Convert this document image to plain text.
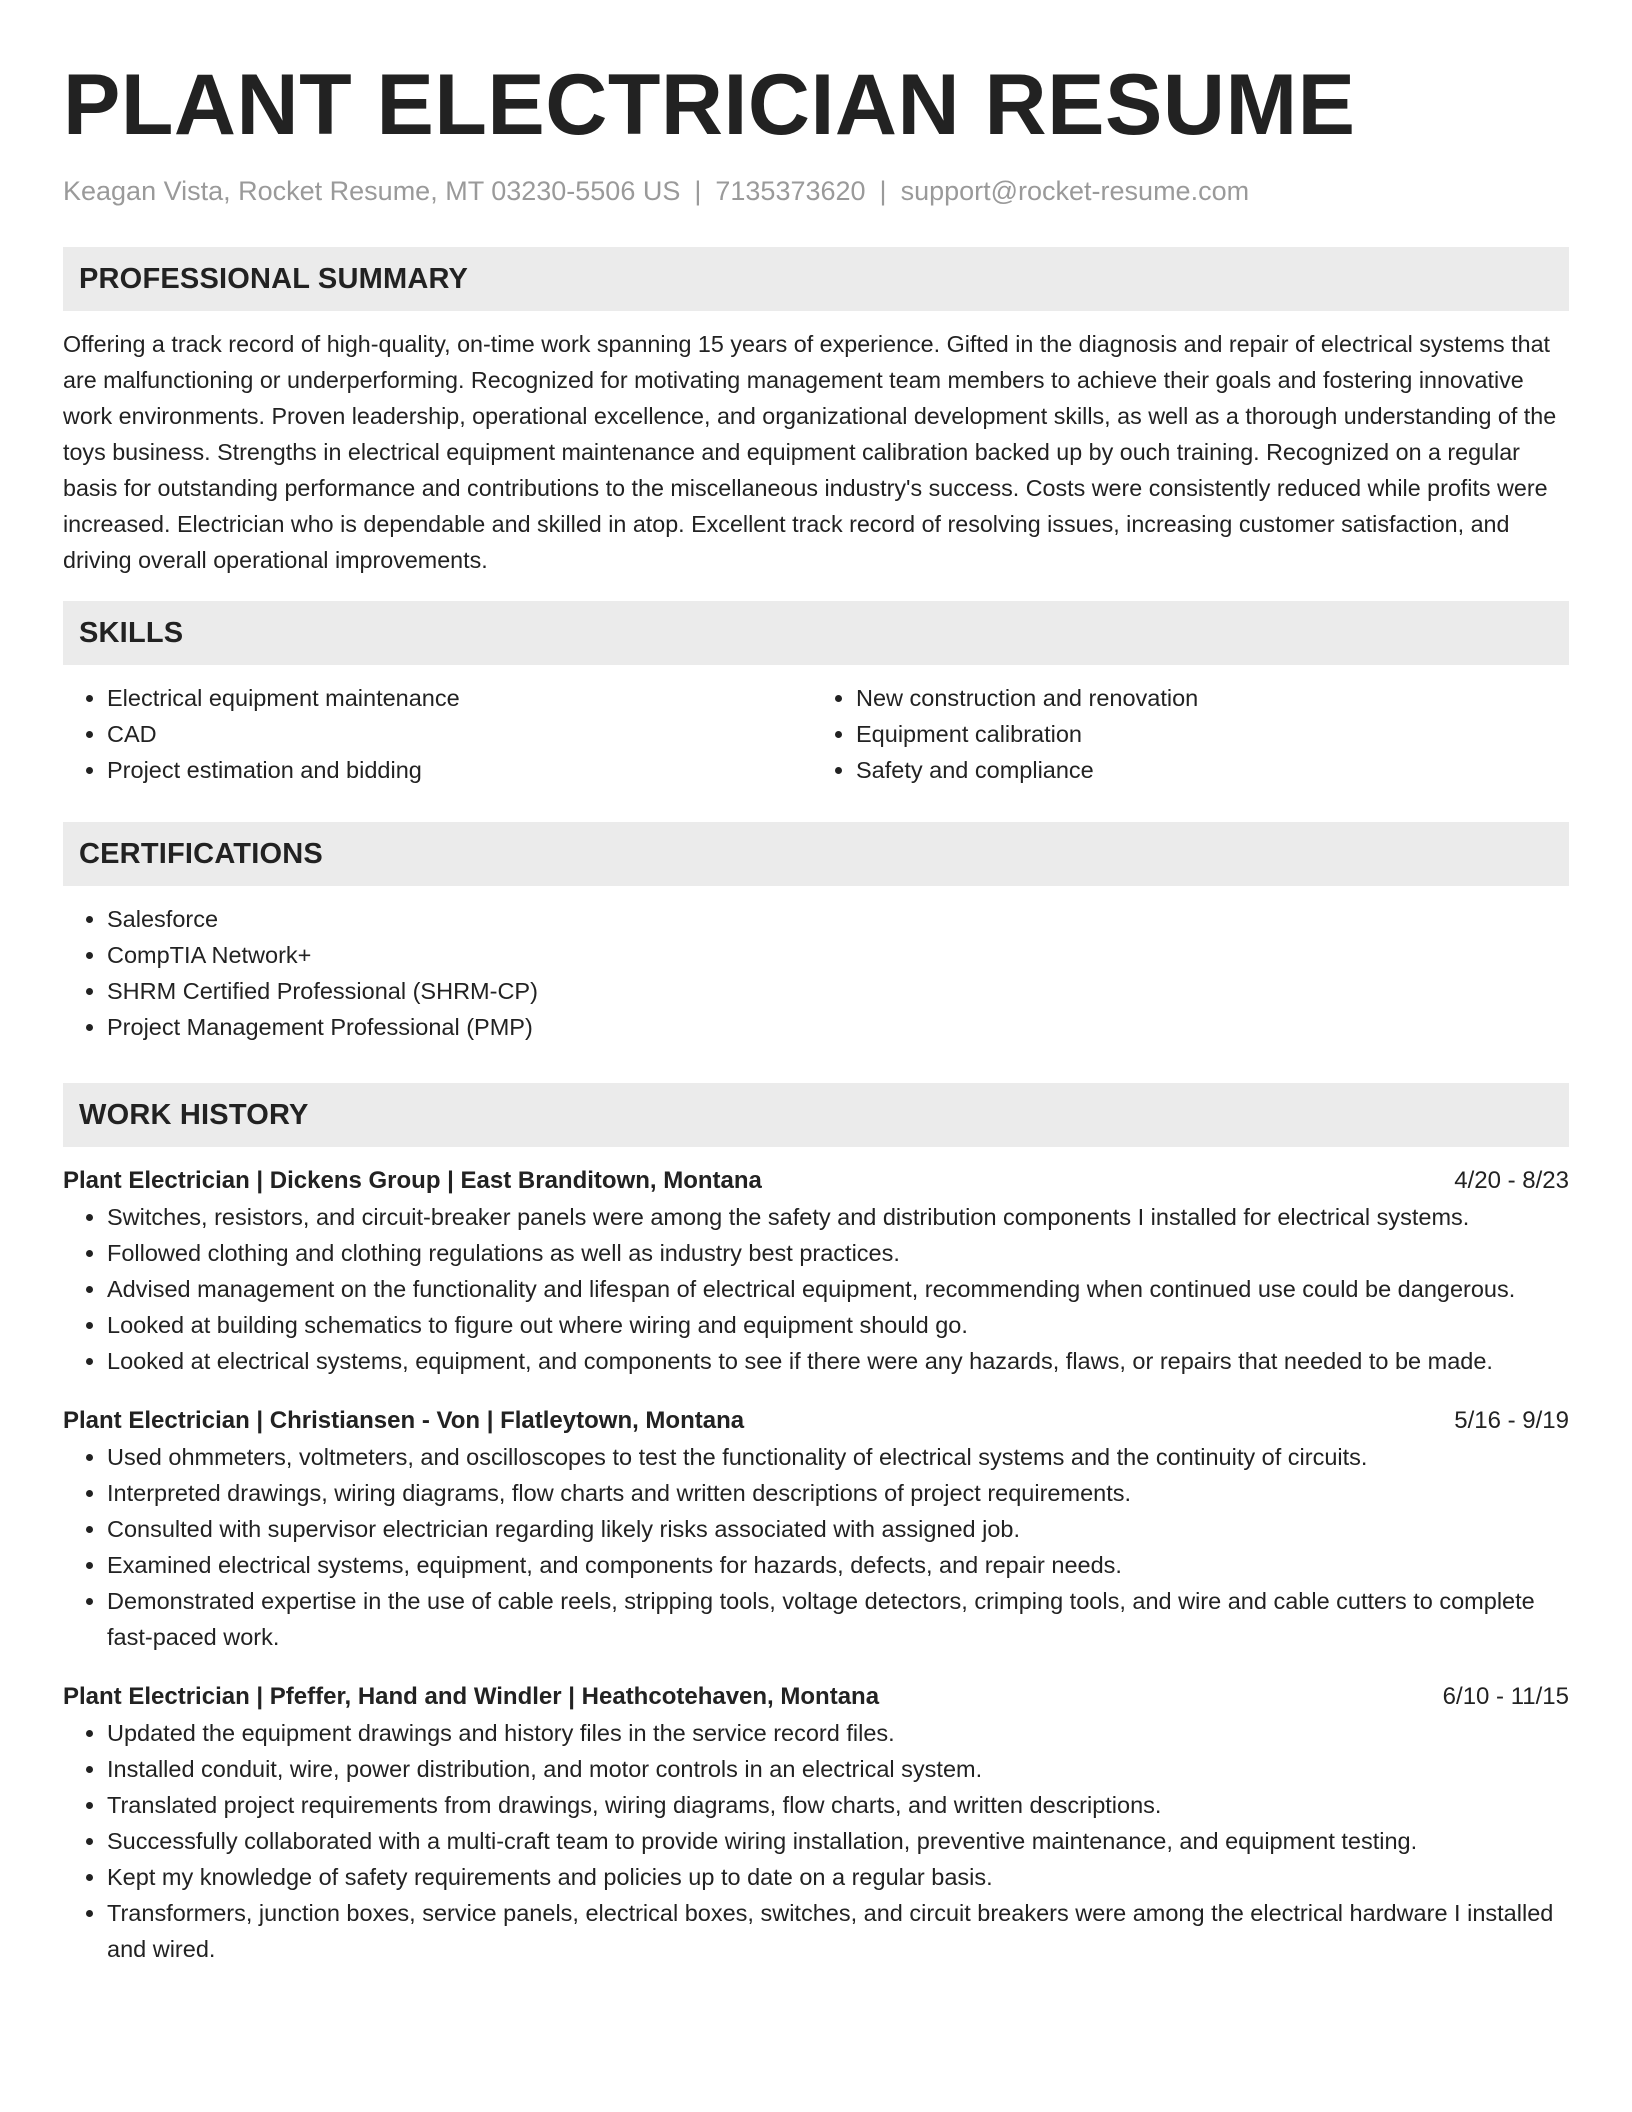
PLANT ELECTRICIAN RESUME
Keagan Vista, Rocket Resume, MT 03230-5506 US | 7135373620 | support@rocket-resume.com
PROFESSIONAL SUMMARY

Offering a track record of high-quality, on-time work spanning 15 years of experience. Gifted in the diagnosis and repair of electrical systems that are malfunctioning or underperforming. Recognized for motivating management team members to achieve their goals and fostering innovative work environments. Proven leadership, operational excellence, and organizational development skills, as well as a thorough understanding of the toys business. Strengths in electrical equipment maintenance and equipment calibration backed up by ouch training. Recognized on a regular basis for outstanding performance and contributions to the miscellaneous industry's success. Costs were consistently reduced while profits were increased. Electrician who is dependable and skilled in atop. Excellent track record of resolving issues, increasing customer satisfaction, and driving overall operational improvements.

SKILLS
• Electrical equipment maintenance
• CAD
• Project estimation and bidding
• New construction and renovation
• Equipment calibration
• Safety and compliance
CERTIFICATIONS
• Salesforce
• CompTIA Network+
• SHRM Certified Professional (SHRM-CP)
• Project Management Professional (PMP)
WORK HISTORY
Plant Electrician | Dickens Group | East Branditown, Montana	4/20 - 8/23
• Switches, resistors, and circuit-breaker panels were among the safety and distribution components I installed for electrical systems.
• Followed clothing and clothing regulations as well as industry best practices.
• Advised management on the functionality and lifespan of electrical equipment, recommending when continued use could be dangerous.
• Looked at building schematics to figure out where wiring and equipment should go.
• Looked at electrical systems, equipment, and components to see if there were any hazards, flaws, or repairs that needed to be made.
Plant Electrician | Christiansen - Von | Flatleytown, Montana	5/16 - 9/19
• Used ohmmeters, voltmeters, and oscilloscopes to test the functionality of electrical systems and the continuity of circuits.
• Interpreted drawings, wiring diagrams, flow charts and written descriptions of project requirements.
• Consulted with supervisor electrician regarding likely risks associated with assigned job.
• Examined electrical systems, equipment, and components for hazards, defects, and repair needs.
• Demonstrated expertise in the use of cable reels, stripping tools, voltage detectors, crimping tools, and wire and cable cutters to complete fast-paced work.
Plant Electrician | Pfeffer, Hand and Windler | Heathcotehaven, Montana	6/10 - 11/15
• Updated the equipment drawings and history files in the service record files.
• Installed conduit, wire, power distribution, and motor controls in an electrical system.
• Translated project requirements from drawings, wiring diagrams, flow charts, and written descriptions.
• Successfully collaborated with a multi-craft team to provide wiring installation, preventive maintenance, and equipment testing.
• Kept my knowledge of safety requirements and policies up to date on a regular basis.
• Transformers, junction boxes, service panels, electrical boxes, switches, and circuit breakers were among the electrical hardware I installed and wired.
